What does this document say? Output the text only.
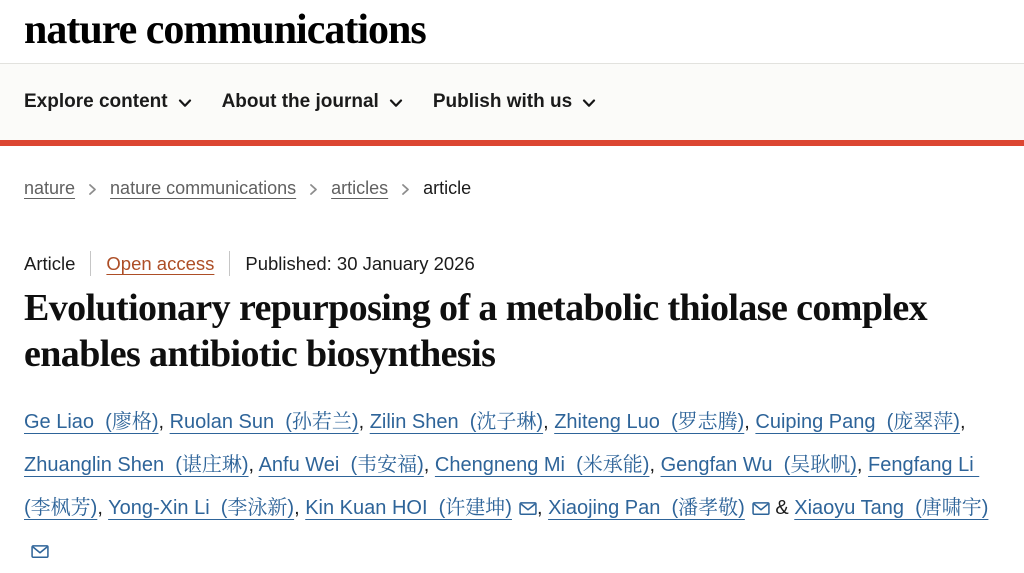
nature communications
Explore content	About the journal	Publish with us
nature nature communications articles article
Article Open access Published: 30 January 2026
Evolutionary repurposing of a metabolic thiolase complex enables antibiotic biosynthesis

Ge Liao  (廖格), Ruolan Sun  (孙若兰), Zilin Shen  (沈子琳), Zhiteng Luo  (罗志腾), Cuiping Pang  (庞翠萍), Zhuanglin Shen  (谌庄琳), Anfu Wei  (韦安福), Chengneng Mi  (米承能), Gengfan Wu  (吴耿帆), Fengfang Li  (李枫芳), Yong-Xin Li  (李泳新), Kin Kuan HOI  (许建坤) , Xiaojing Pan  (潘孝敬) & Xiaoyu Tang  (唐啸宇)
